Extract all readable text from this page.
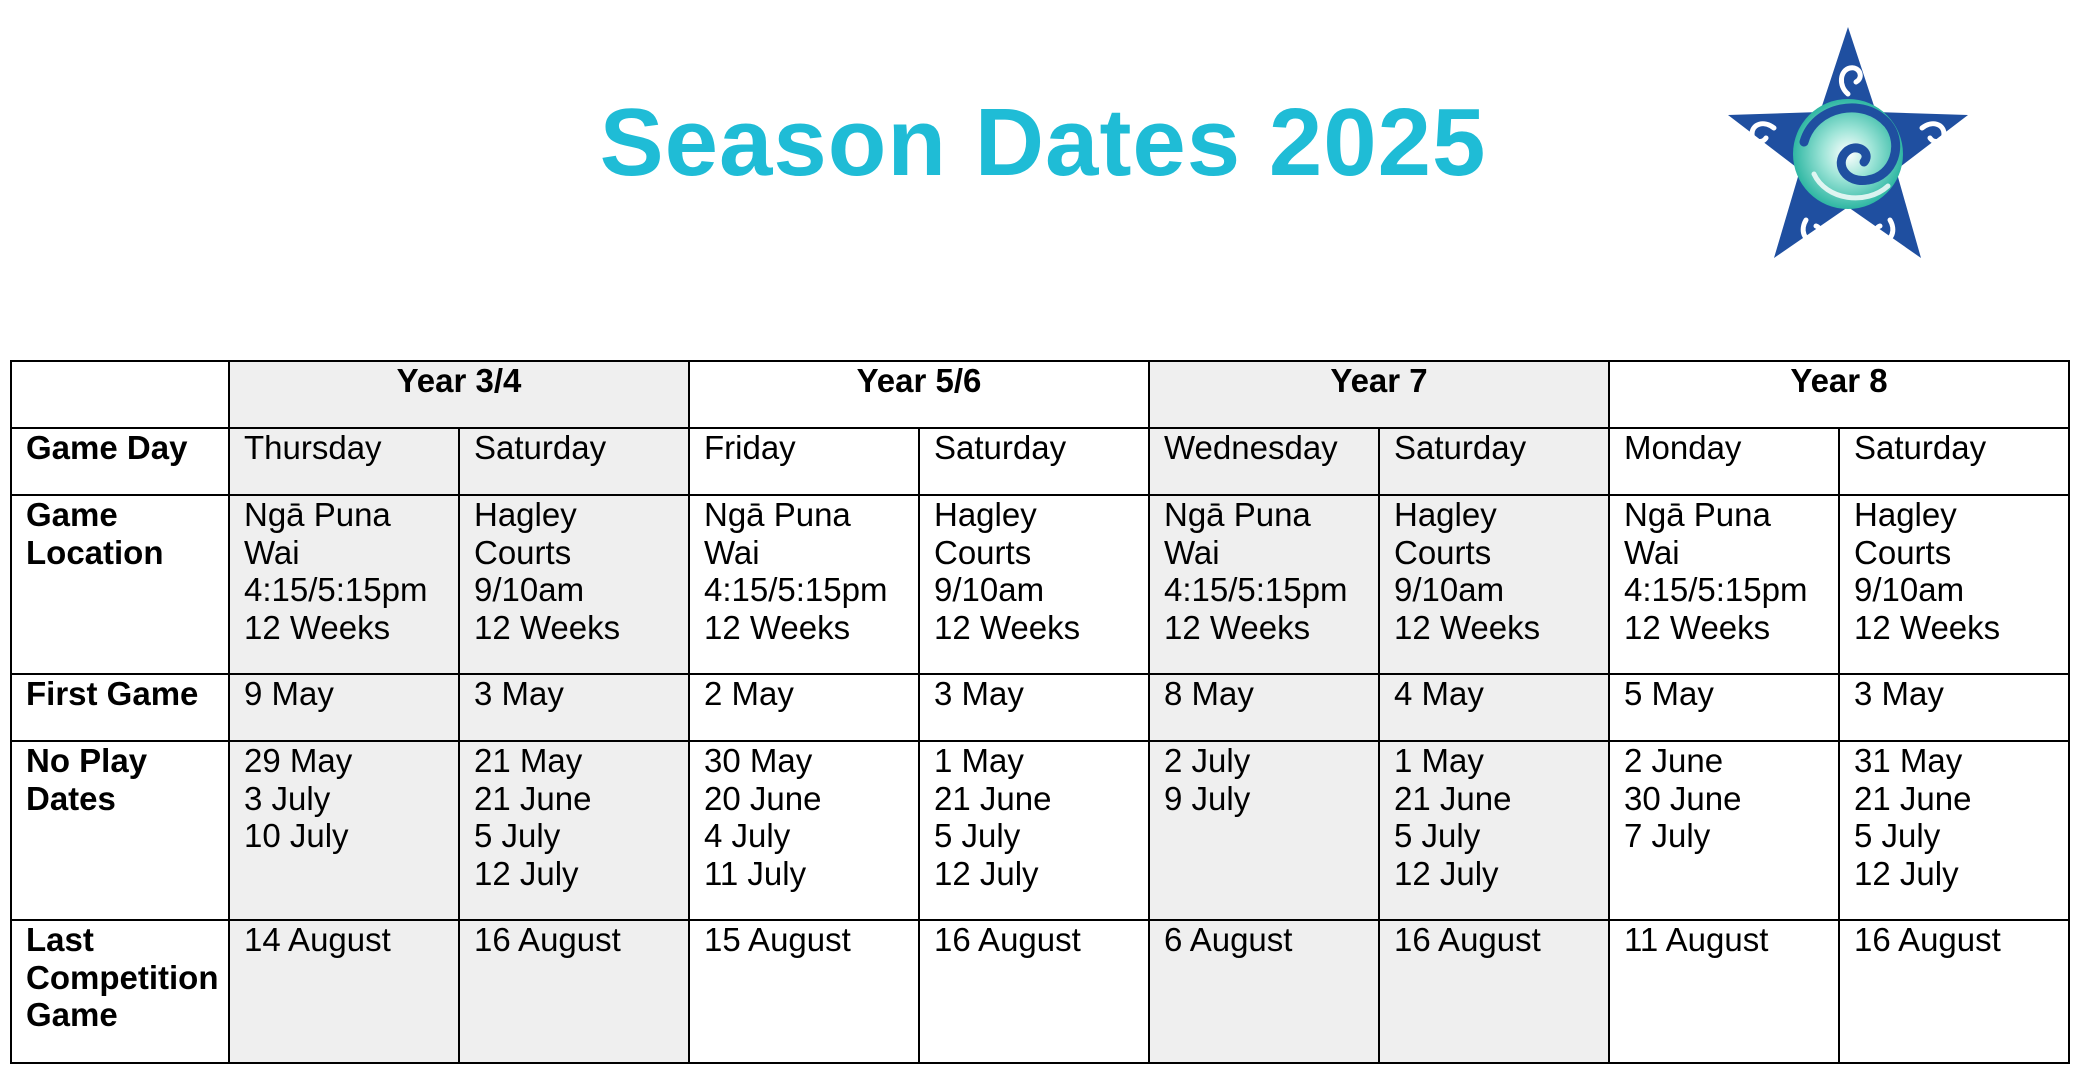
Season Dates 2025
	Year 3/4		Year 5/6		Year 7		Year 8	
Game Day	Thursday	Saturday	Friday	Saturday	Wednesday	Saturday	Monday	Saturday

Game
Location	Ngā Puna
Wai
4:15/5:15pm
12 Weeks	Hagley
Courts
9/10am
12 Weeks	Ngā Puna
Wai
4:15/5:15pm
12 Weeks	Hagley
Courts
9/10am
12 Weeks	Ngā Puna
Wai
4:15/5:15pm
12 Weeks	Hagley
Courts
9/10am
12 Weeks	Ngā Puna
Wai
4:15/5:15pm
12 Weeks	Hagley
Courts
9/10am
12 Weeks

First Game	9 May	3 May	2 May	3 May	8 May	4 May	5 May	3 May

No Play
Dates	29 May
3 July
10 July	21 May
21 June
5 July
12 July	30 May
20 June
4 July
11 July	1 May
21 June
5 July
12 July	2 July
9 July	1 May
21 June
5 July
12 July	2 June
30 June
7 July	31 May
21 June
5 July
12 July

Last
Competition
Game	14 August	16 August	15 August	16 August	6 August	16 August	11 August	16 August
